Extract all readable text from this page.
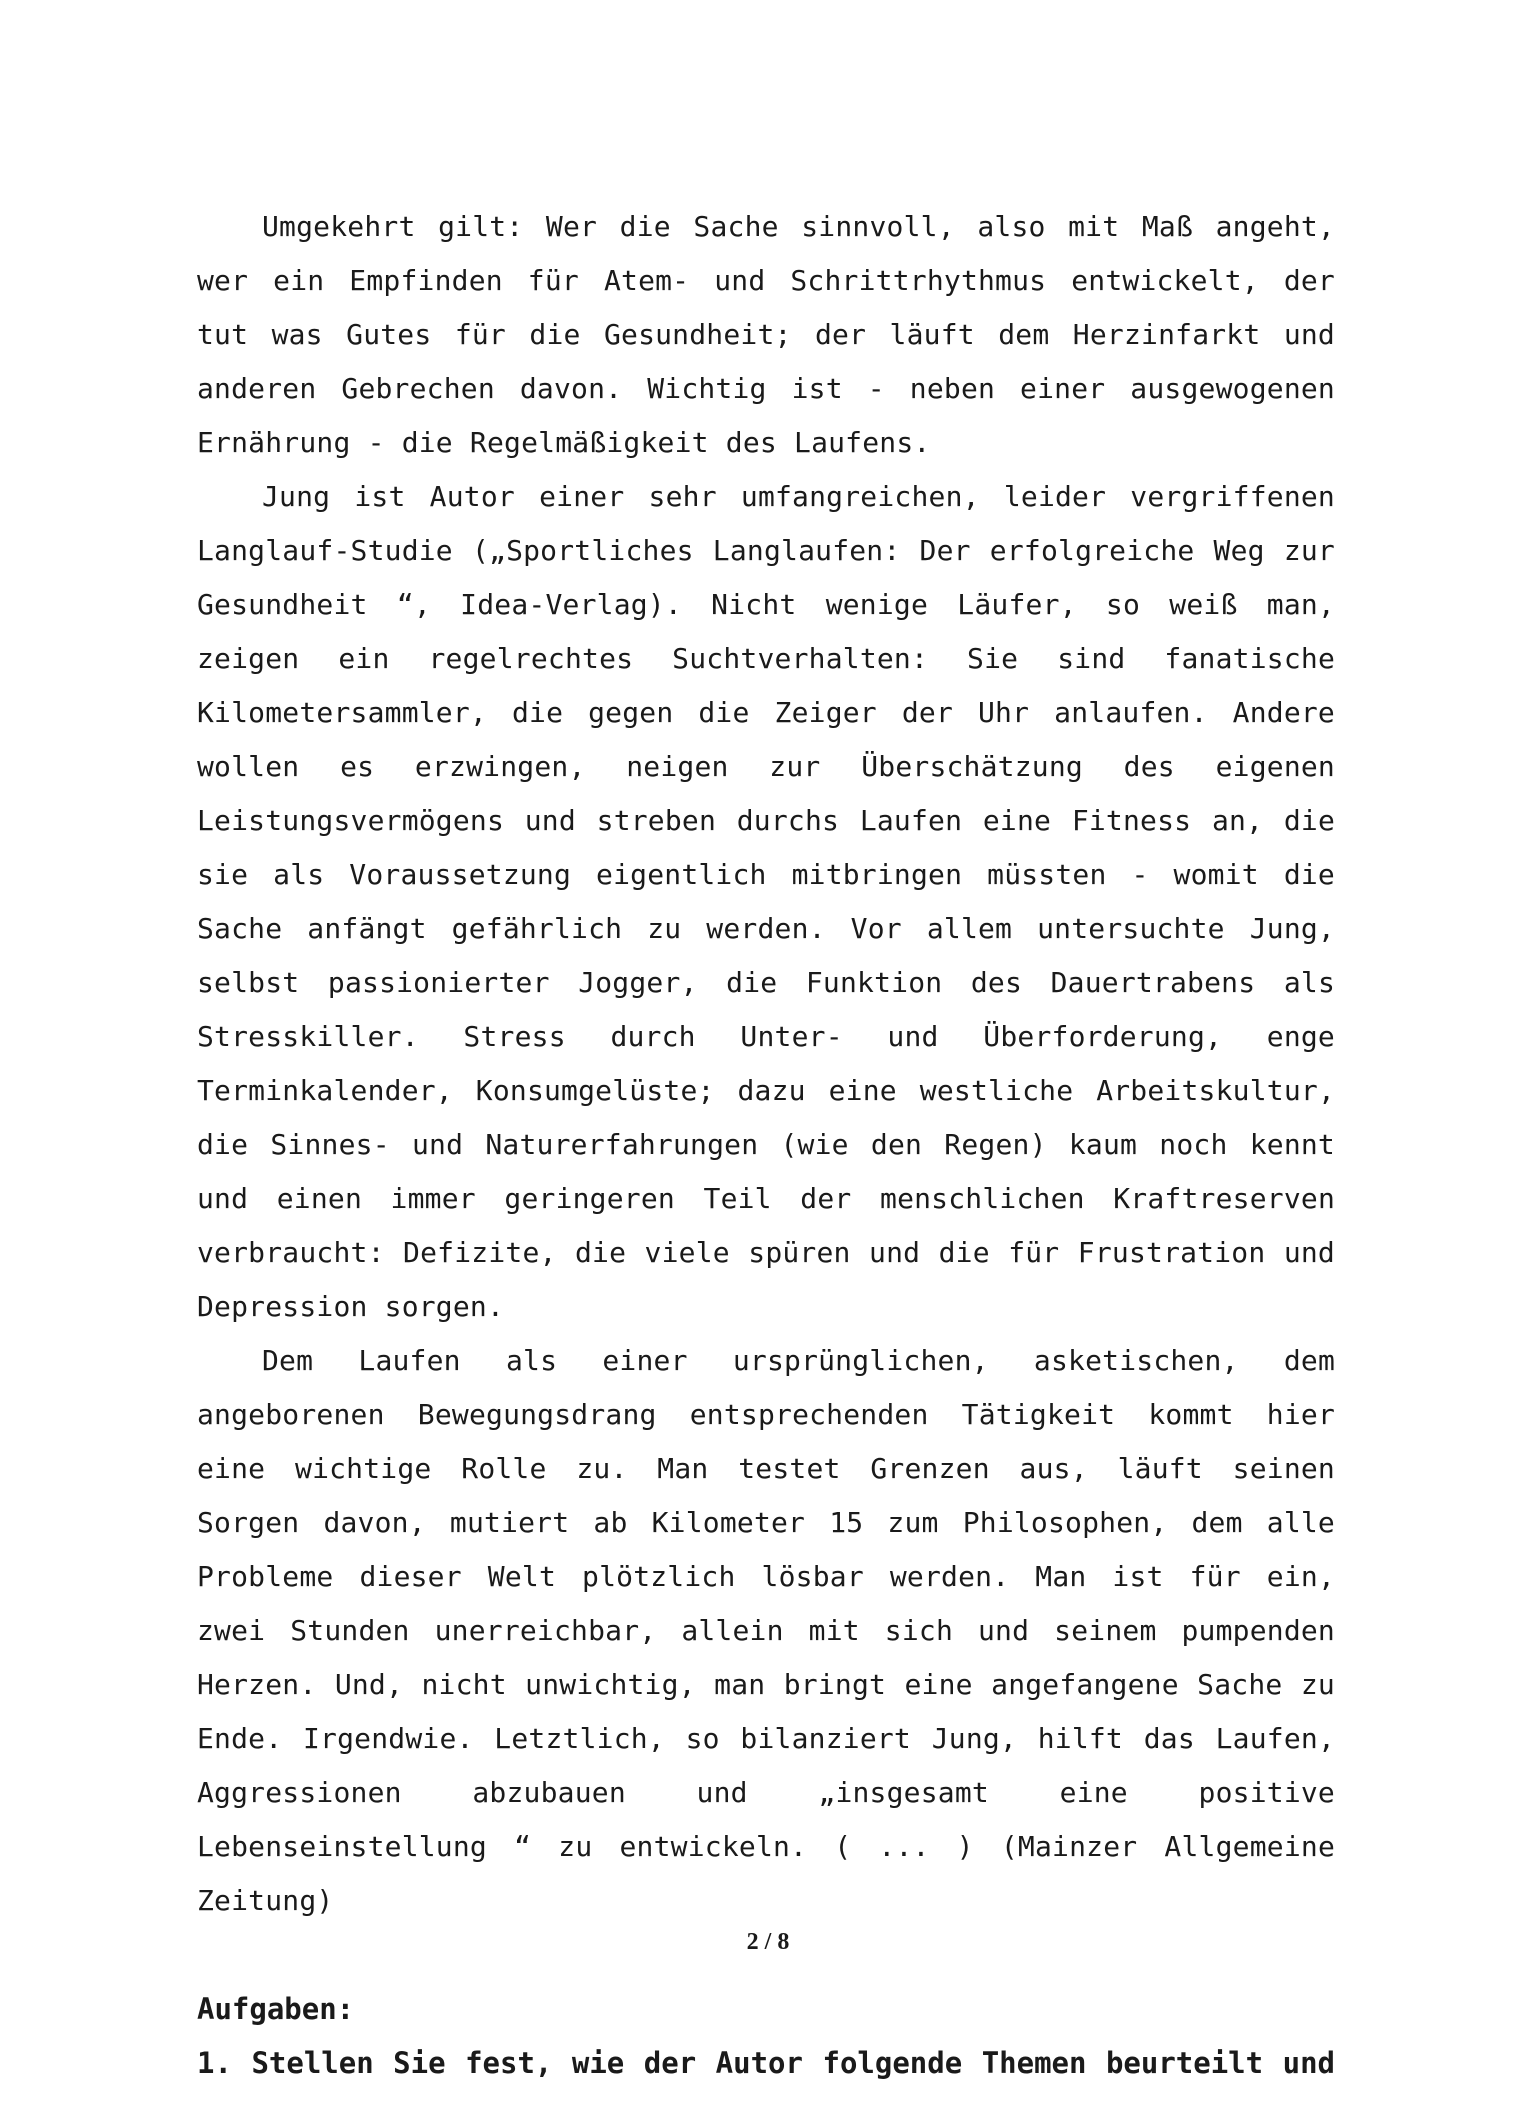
Umgekehrt gilt: Wer die Sache sinnvoll, also mit Maß angeht, wer ein Empfinden für Atem- und Schrittrhythmus entwickelt, der tut was Gutes für die Gesundheit; der läuft dem Herzinfarkt und anderen Gebrechen davon. Wichtig ist - neben einer ausgewogenen Ernährung - die Regelmäßigkeit des Laufens.

Jung ist Autor einer sehr umfangreichen, leider vergriffenen Langlauf-Studie („Sportliches Langlaufen: Der erfolgreiche Weg zur Gesundheit “, Idea-Verlag). Nicht wenige Läufer, so weiß man, zeigen ein regelrechtes Suchtverhalten: Sie sind fanatische Kilometersammler, die gegen die Zeiger der Uhr anlaufen. Andere wollen es erzwingen, neigen zur Überschätzung des eigenen Leistungsvermögens und streben durchs Laufen eine Fitness an, die sie als Voraussetzung eigentlich mitbringen müssten - womit die Sache anfängt gefährlich zu werden. Vor allem untersuchte Jung, selbst passionierter Jogger, die Funktion des Dauertrabens als Stresskiller. Stress durch Unter- und Überforderung, enge Terminkalender, Konsumgelüste; dazu eine westliche Arbeitskultur, die Sinnes- und Naturerfahrungen (wie den Regen) kaum noch kennt und einen immer geringeren Teil der menschlichen Kraftreserven verbraucht: Defizite, die viele spüren und die für Frustration und Depression sorgen.

Dem Laufen als einer ursprünglichen, asketischen, dem angeborenen Bewegungsdrang entsprechenden Tätigkeit kommt hier eine wichtige Rolle zu. Man testet Grenzen aus, läuft seinen Sorgen davon, mutiert ab Kilometer 15 zum Philosophen, dem alle Probleme dieser Welt plötzlich lösbar werden. Man ist für ein, zwei Stunden unerreichbar, allein mit sich und seinem pumpenden Herzen. Und, nicht unwichtig, man bringt eine angefangene Sache zu Ende. Irgendwie. Letztlich, so bilanziert Jung, hilft das Laufen, Aggressionen abzubauen und „insgesamt eine positive Lebenseinstellung “ zu entwickeln. ( ... ) (Mainzer Allgemeine Zeitung)

Aufgaben:

1. Stellen Sie fest, wie der Autor folgende Themen beurteilt und

2 / 8
